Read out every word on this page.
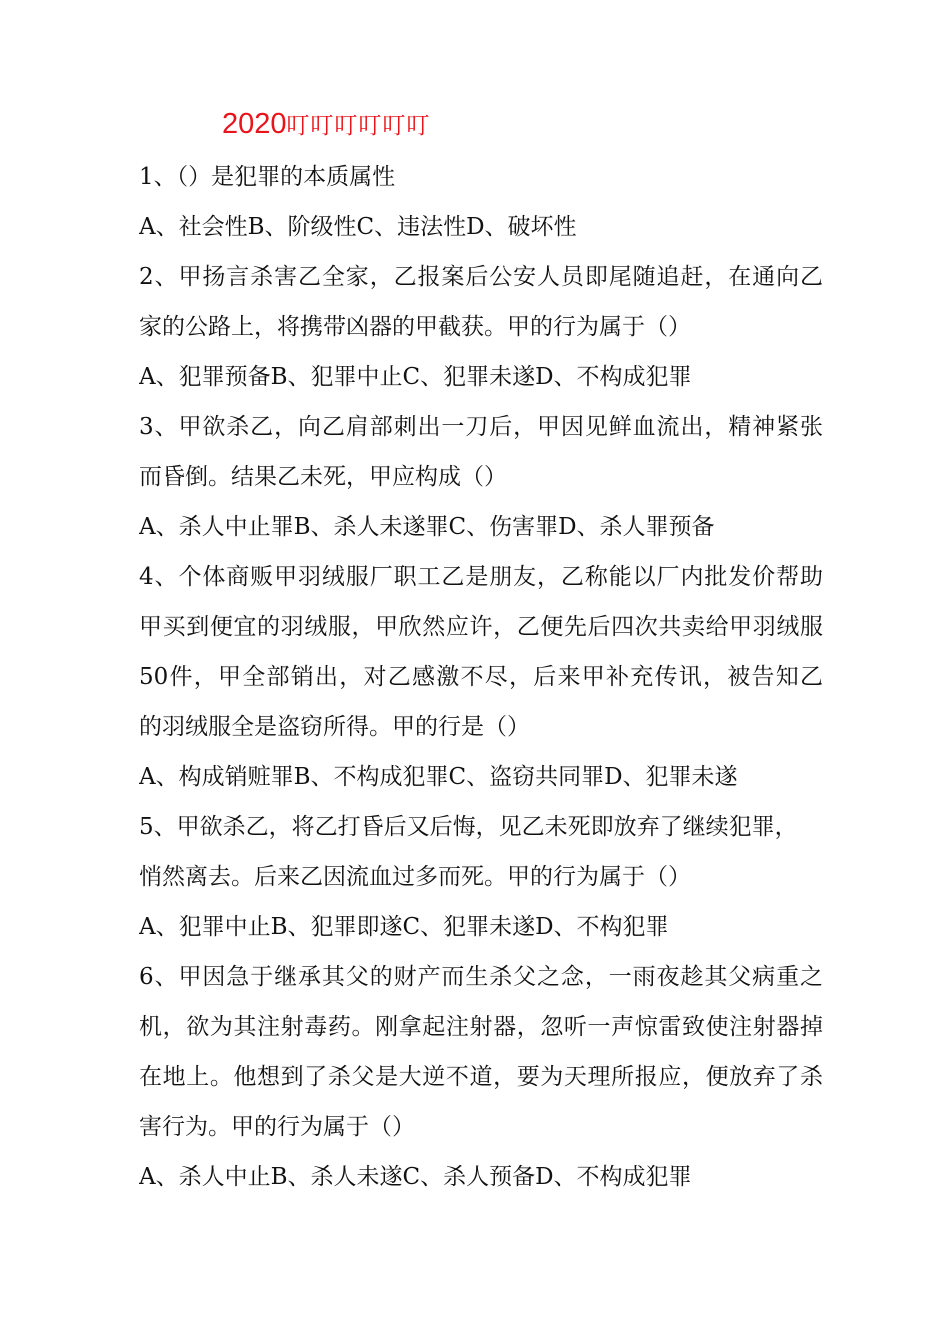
2020叮叮叮叮叮叮
1、（）是犯罪的本质属性
A、社会性B、阶级性C、违法性D、破坏性
2、甲扬言杀害乙全家，乙报案后公安人员即尾随追赶，在通向乙
家的公路上，将携带凶器的甲截获。甲的行为属于（）
A、犯罪预备B、犯罪中止C、犯罪未遂D、不构成犯罪
3、甲欲杀乙，向乙肩部刺出一刀后，甲因见鲜血流出，精神紧张
而昏倒。结果乙未死，甲应构成（）
A、杀人中止罪B、杀人未遂罪C、伤害罪D、杀人罪预备
4、个体商贩甲羽绒服厂职工乙是朋友，乙称能以厂内批发价帮助
甲买到便宜的羽绒服，甲欣然应许，乙便先后四次共卖给甲羽绒服
50件，甲全部销出，对乙感激不尽，后来甲补充传讯，被告知乙
的羽绒服全是盗窃所得。甲的行是（）
A、构成销赃罪B、不构成犯罪C、盗窃共同罪D、犯罪未遂
5、甲欲杀乙，将乙打昏后又后悔，见乙未死即放弃了继续犯罪，
悄然离去。后来乙因流血过多而死。甲的行为属于（）
A、犯罪中止B、犯罪即遂C、犯罪未遂D、不构犯罪
6、甲因急于继承其父的财产而生杀父之念，一雨夜趁其父病重之
机，欲为其注射毒药。刚拿起注射器，忽听一声惊雷致使注射器掉
在地上。他想到了杀父是大逆不道，要为天理所报应，便放弃了杀
害行为。甲的行为属于（）
A、杀人中止B、杀人未遂C、杀人预备D、不构成犯罪
